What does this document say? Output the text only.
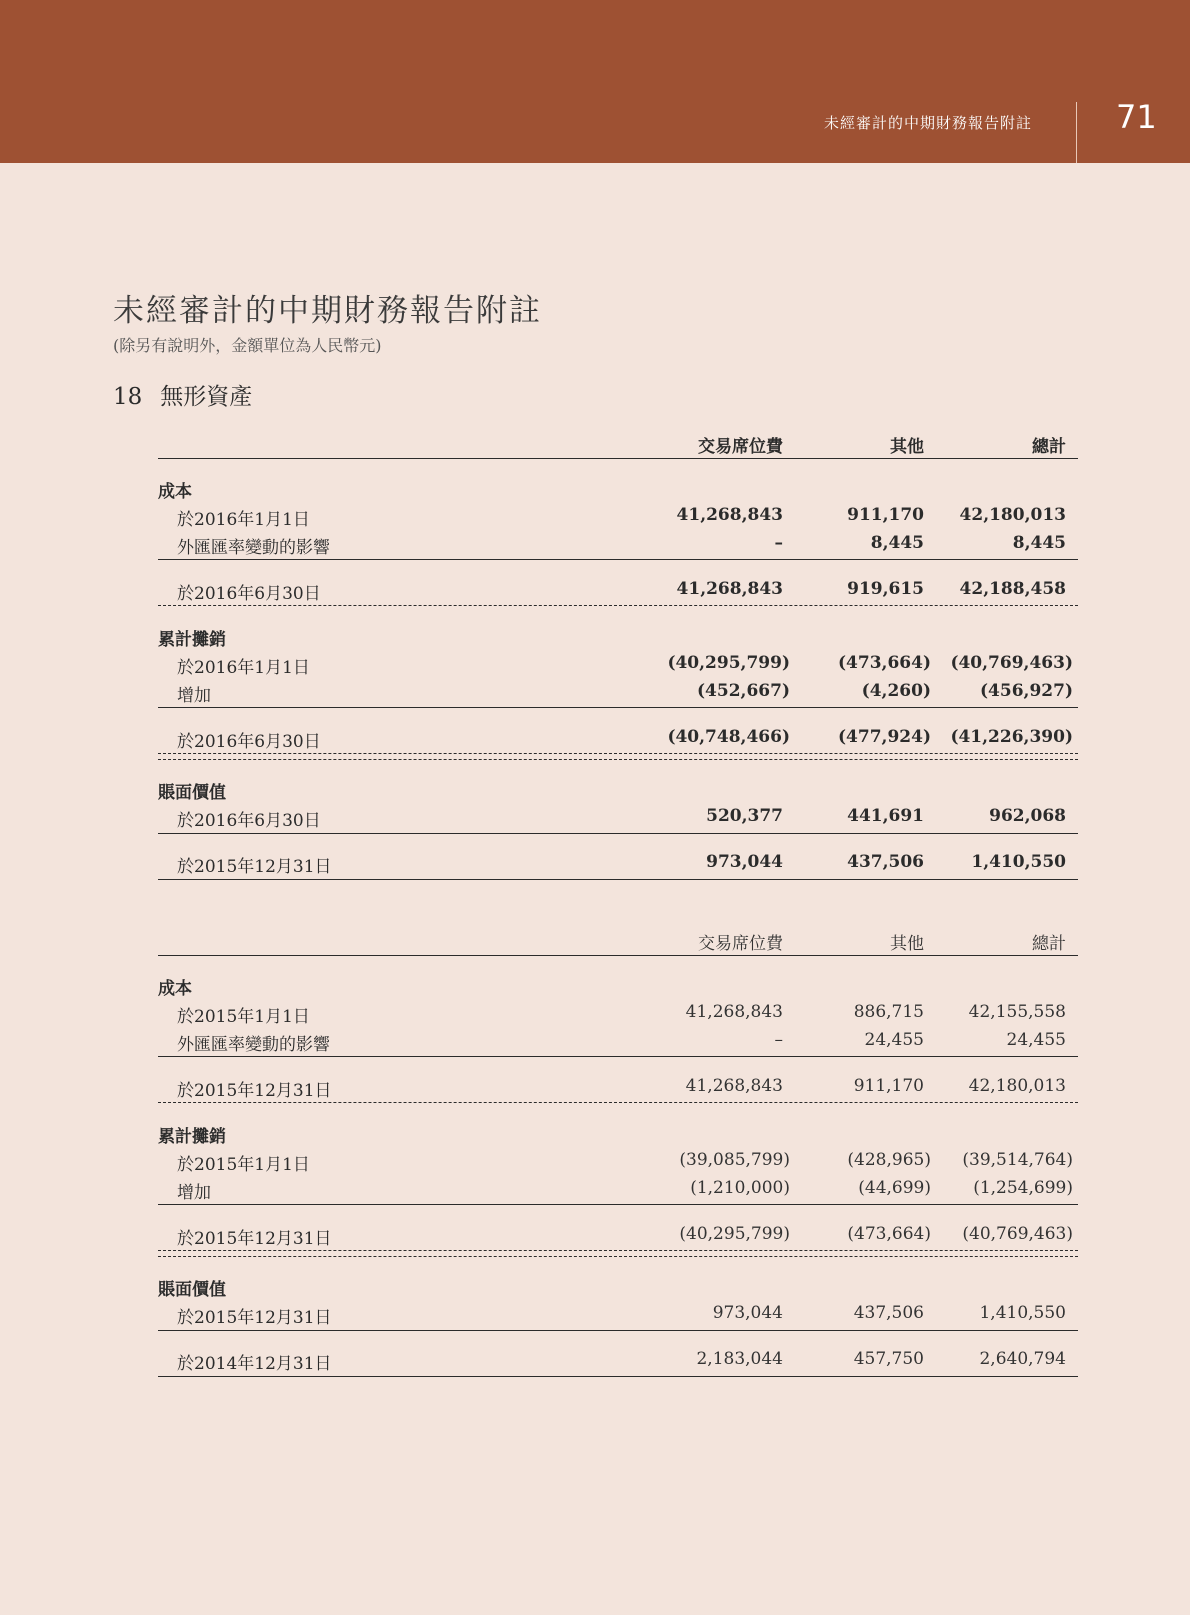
未經審計的中期財務報告附註	71
未經審計的中期財務報告附註
(除另有說明外，金額單位為人民幣元)
18 無形資產
交易席位費	其他	總計
成本
於2016年1月1日	41,268,843	911,170 42,180,013
外匯匯率變動的影響	–	8,445	8,445
於2016年6月30日	41,268,843	919,615 42,188,458
累計攤銷
於2016年1月1日	(40,295,799)	(473,664) (40,769,463)
增加	(452,667)	(4,260)	(456,927)
於2016年6月30日	(40,748,466)	(477,924) (41,226,390)
賬面價值
於2016年6月30日	520,377	441,691	962,068
於2015年12月31日	973,044	437,506	1,410,550
交易席位費	其他	總計
成本
於2015年1月1日	41,268,843	886,715	42,155,558
外匯匯率變動的影響	–	24,455	24,455
於2015年12月31日	41,268,843	911,170	42,180,013
累計攤銷
於2015年1月1日	(39,085,799)	(428,965) (39,514,764)
增加	(1,210,000)	(44,699) (1,254,699)
於2015年12月31日	(40,295,799)	(473,664) (40,769,463)
賬面價值
於2015年12月31日	973,044	437,506	1,410,550
於2014年12月31日	2,183,044	457,750	2,640,794
